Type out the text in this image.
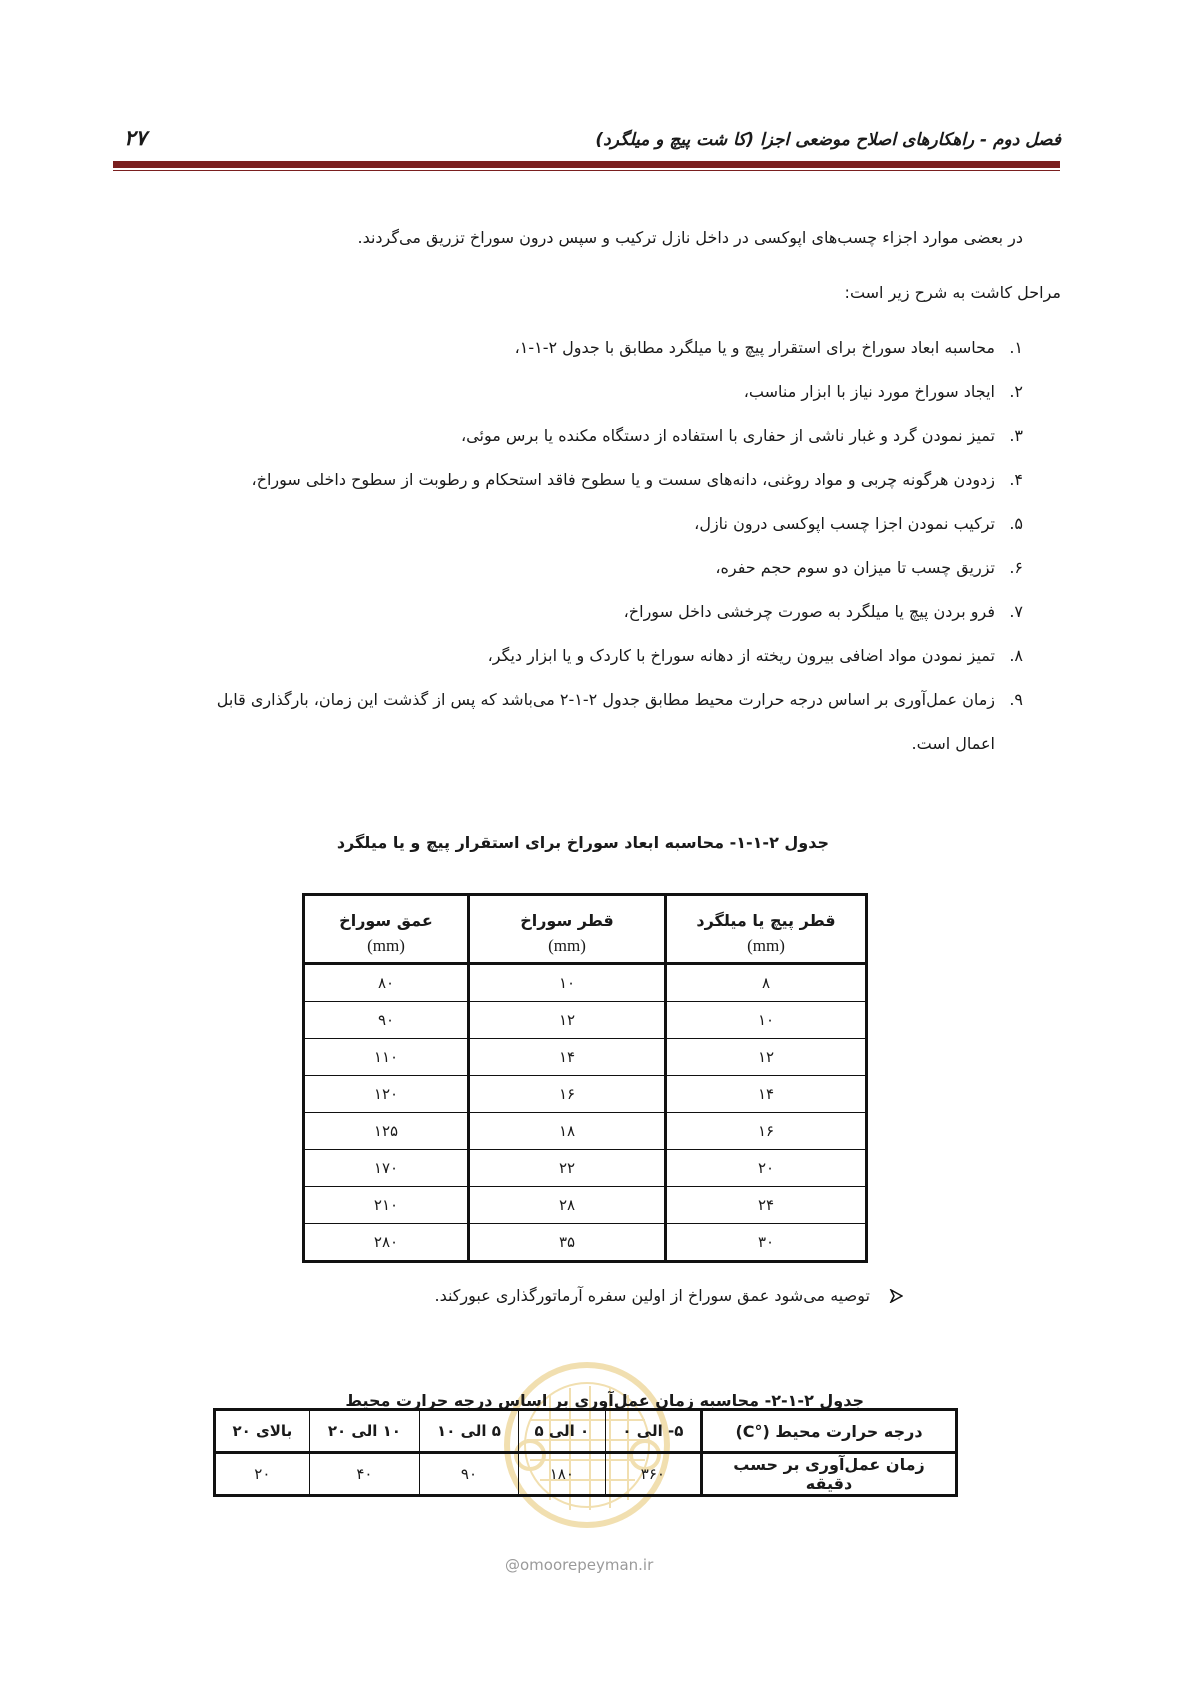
فصل دوم - راهکارهای اصلاح موضعی اجزا (کا شت پیچ و میلگرد)
۲۷
در بعضی موارد اجزاء چسب‌های اپوکسی در داخل نازل ترکیب و سپس درون سوراخ تزریق می‌گردند.
مراحل کاشت به شرح زیر است:
۱.
محاسبه ابعاد سوراخ برای استقرار پیچ و یا میلگرد مطابق با جدول ۲-۱-۱،
۲.
ایجاد سوراخ مورد نیاز با ابزار مناسب،
۳.
تمیز نمودن گرد و غبار ناشی از حفاری با استفاده از دستگاه مکنده یا برس موئی،
۴.
زدودن هرگونه چربی و مواد روغنی، دانه‌های سست و یا سطوح فاقد استحکام و رطوبت از سطوح داخلی سوراخ،
۵.
ترکیب نمودن اجزا چسب اپوکسی درون نازل،
۶.
تزریق چسب تا میزان دو سوم حجم حفره،
۷.
فرو بردن پیچ یا میلگرد به صورت چرخشی داخل سوراخ،
۸.
تمیز نمودن مواد اضافی بیرون ریخته از دهانه سوراخ با کاردک و یا ابزار دیگر،
۹.
زمان عمل‌آوری بر اساس درجه حرارت محیط مطابق جدول ۲-۱-۲ می‌باشد که پس از گذشت این زمان، بارگذاری قابل
اعمال است.
جدول ۲-۱-۱- محاسبه ابعاد سوراخ برای استقرار پیچ و یا میلگرد
قطر پیچ یا میلگرد	قطر سوراخ	عمق سوراخ
(mm)	(mm)	(mm)
۸	۱۰	۸۰
۱۰	۱۲	۹۰
۱۲	۱۴	۱۱۰
۱۴	۱۶	۱۲۰
۱۶	۱۸	۱۲۵
۲۰	۲۲	۱۷۰
۲۴	۲۸	۲۱۰
۳۰	۳۵	۲۸۰
توصیه می‌شود عمق سوراخ از اولین سفره آرماتورگذاری عبورکند.
@omoorepeyman.ir
جدول ۲-۱-۲- محاسبه زمان عمل‌آوری بر اساس درجه حرارت محیط
درجه حرارت محیط (°C)	۵- الی ۰	۰ الی ۵	۵ الی ۱۰	۱۰ الی ۲۰	بالای ۲۰
زمان عمل‌آوری بر حسب دقیقه	۳۶۰	۱۸۰	۹۰	۴۰	۲۰
